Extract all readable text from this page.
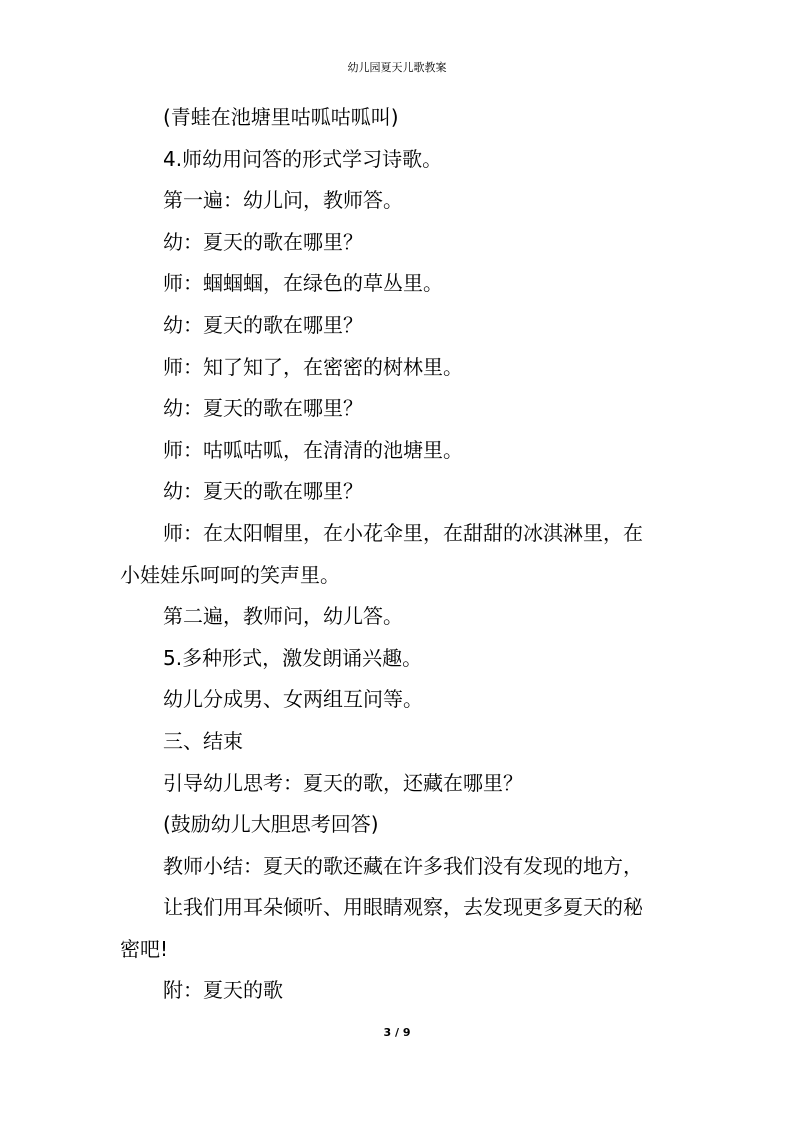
幼儿园夏天儿歌教案
(青蛙在池塘里咕呱咕呱叫)
4.师幼用问答的形式学习诗歌。
第一遍：幼儿问，教师答。
幼：夏天的歌在哪里？
师：蝈蝈蝈，在绿色的草丛里。
幼：夏天的歌在哪里？
师：知了知了，在密密的树林里。
幼：夏天的歌在哪里？
师：咕呱咕呱，在清清的池塘里。
幼：夏天的歌在哪里？
师：在太阳帽里，在小花伞里，在甜甜的冰淇淋里，在
小娃娃乐呵呵的笑声里。
第二遍，教师问，幼儿答。
5.多种形式，激发朗诵兴趣。
幼儿分成男、女两组互问等。
三、结束
引导幼儿思考：夏天的歌，还藏在哪里？
(鼓励幼儿大胆思考回答)
教师小结：夏天的歌还藏在许多我们没有发现的地方，
让我们用耳朵倾听、用眼睛观察，去发现更多夏天的秘
密吧!
附：夏天的歌
3 / 9
